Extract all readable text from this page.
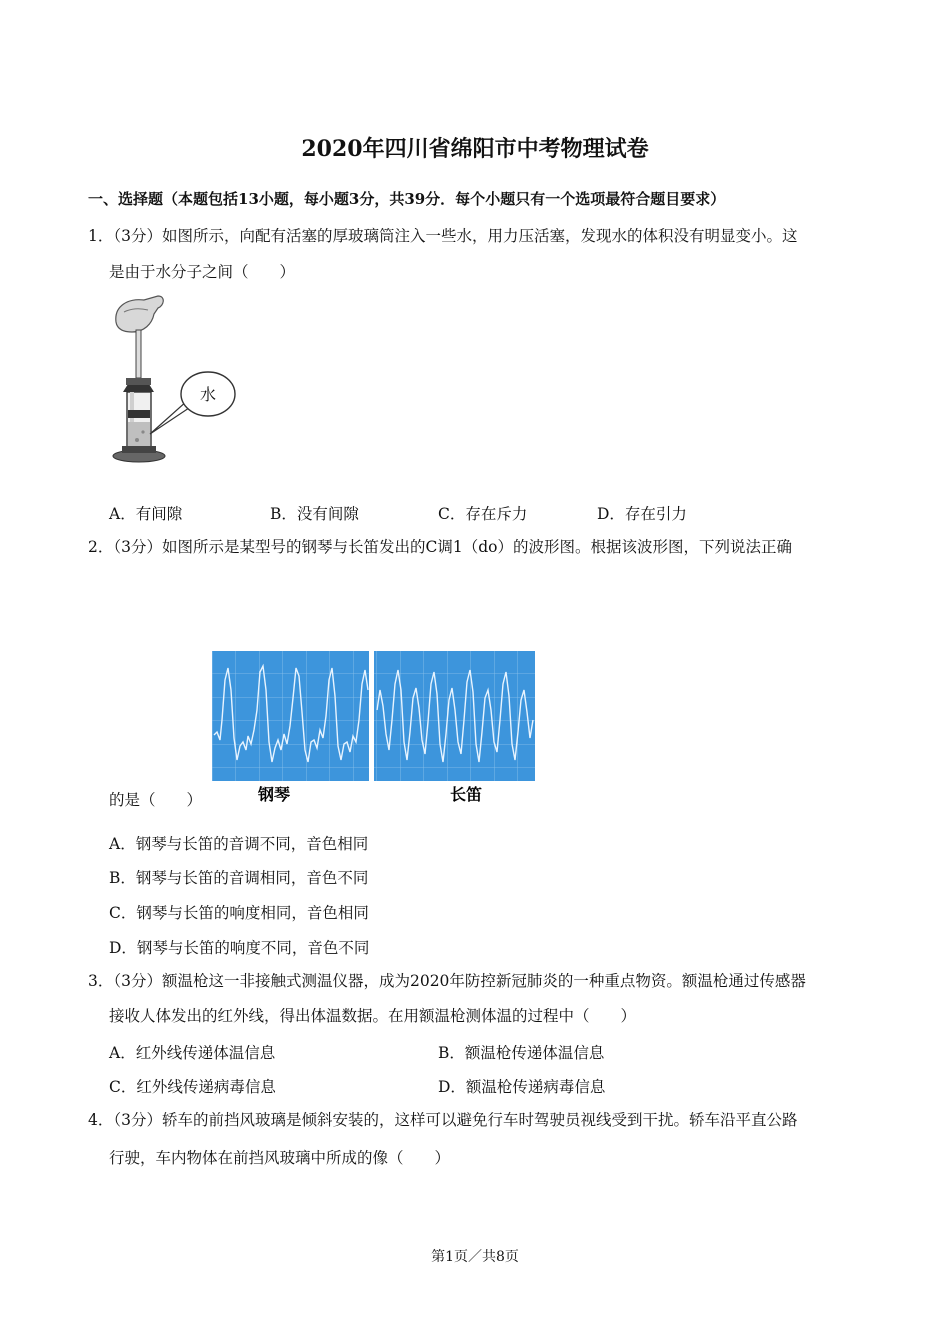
2020年四川省绵阳市中考物理试卷
一、选择题（本题包括13小题，每小题3分，共39分．每个小题只有一个选项最符合题目要求）
1．（3分）如图所示，向配有活塞的厚玻璃筒注入一些水，用力压活塞，发现水的体积没有明显变小。这
是由于水分子之间（　　）
水
A．有间隙	B．没有间隙	C．存在斥力	D．存在引力
2．（3分）如图所示是某型号的钢琴与长笛发出的C调1（do）的波形图。根据该波形图，下列说法正确
钢琴	长笛
的是（　　）
A．钢琴与长笛的音调不同，音色相同
B．钢琴与长笛的音调相同，音色不同
C．钢琴与长笛的响度相同，音色相同
D．钢琴与长笛的响度不同，音色不同
3．（3分）额温枪这一非接触式测温仪器，成为2020年防控新冠肺炎的一种重点物资。额温枪通过传感器
接收人体发出的红外线，得出体温数据。在用额温枪测体温的过程中（　　）
A．红外线传递体温信息	B．额温枪传递体温信息
C．红外线传递病毒信息	D．额温枪传递病毒信息
4．（3分）轿车的前挡风玻璃是倾斜安装的，这样可以避免行车时驾驶员视线受到干扰。轿车沿平直公路
行驶，车内物体在前挡风玻璃中所成的像（　　）
第1页／共8页
